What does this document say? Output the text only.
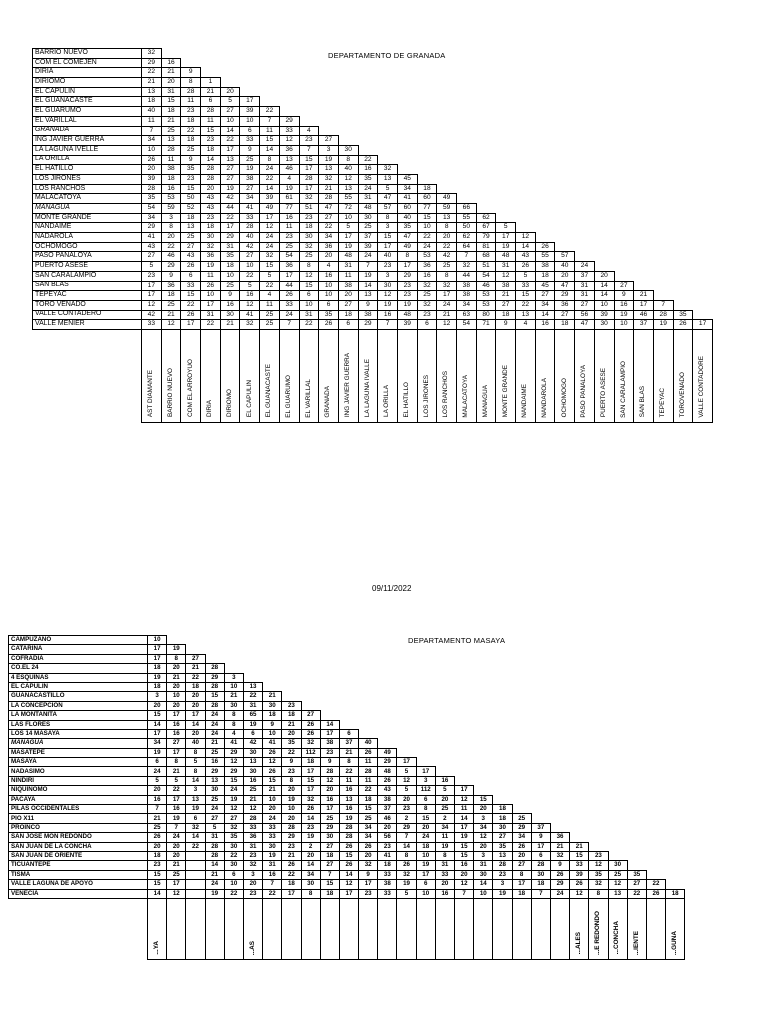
DEPARTAMENTO DE GRANADA
BARRIO NUEVO	32																												
COM EL COMEJEN	29	16																											
DIRIA	22	21	9																										
DIRIOMO	21	20	8	1																									
EL CAPULIN	13	31	28	21	20																								
EL GUANACASTE	18	15	11	6	5	17																							
EL GUARUMO	40	18	23	28	27	39	22																						
EL VARILLAL	11	21	18	11	10	10	7	29																					
GRANADA	7	25	22	15	14	6	11	33	4																				
ING JAVIER GUERRA	34	13	18	23	22	33	15	12	23	27																			
LA LAGUNA IVELLE	10	28	25	18	17	9	14	36	7	3	30																		
LA ORILLA	26	11	9	14	13	25	8	13	15	19	8	22																	
EL HATILLO	20	38	35	28	27	19	24	46	17	13	40	16	32																
LOS JIRONES	39	18	23	28	27	38	22	4	28	32	12	35	13	45															
LOS RANCHOS	28	16	15	20	19	27	14	19	17	21	13	24	5	34	18														
MALACATOYA	35	53	50	43	42	34	39	61	32	28	55	31	47	41	60	49													
MANAGUA	54	59	52	43	44	41	49	77	51	47	72	48	57	60	77	59	66												
MONTE GRANDE	34	3	18	23	22	33	17	16	23	27	10	30	8	40	15	13	55	62											
NANDAIME	29	8	13	18	17	28	12	11	18	22	5	25	3	35	10	8	50	67	5										
NADAROLA	41	20	25	30	29	40	24	23	30	34	17	37	15	47	22	20	62	79	17	12									
OCHOMOGO	43	22	27	32	31	42	24	25	32	36	19	39	17	49	24	22	64	81	19	14	26								
PASO PANALOYA	27	46	43	36	35	27	32	54	25	20	48	24	40	8	53	42	7	68	48	43	55	57							
PUERTO ASESE	5	29	26	19	18	10	15	36	8	4	31	7	23	17	36	25	32	51	31	26	38	40	24						
SAN CARALAMPIO	23	9	6	11	10	22	5	17	12	16	11	19	3	29	16	8	44	54	12	5	18	20	37	20					
SAN BLAS	17	36	33	26	25	5	22	44	15	10	38	14	30	23	32	32	38	46	38	33	45	47	31	14	27				
TEPEYAC	17	18	15	10	9	16	4	26	6	10	20	13	12	23	25	17	38	53	21	15	27	29	31	14	9	21			
TORO VENADO	12	25	22	17	16	12	11	33	10	6	27	9	19	19	32	24	34	53	27	22	34	36	27	10	16	17	7		
VALLE CONTADERO	42	21	26	31	30	41	25	24	31	35	18	38	16	48	23	21	63	80	18	13	14	27	56	39	19	46	28	35	
VALLE MENIER	33	12	17	22	21	32	25	7	22	26	6	29	7	39	6	12	54	71	9	4	16	18	47	30	10	37	19	26	17
	AST DIAMANTE	BARRIO NUEVO	COM EL ARROYUO	DIRIA	DIRIOMO	EL CAPULIN	EL GUANACASTE	EL GUARUMO	EL VARILLAL	GRANADA	ING JAVIER GUERRA	LA LAGUNA IVALLE	LA ORILLA	EL HATILLO	LOS JIRONES	LOS RANCHOS	MALACATOYA	MANAGUA	MONTE GRANDE	NANDAIME	NANDAROLA	OCHOMOGO	PASO PANALOYA	PUERTO ASESE	SAN CARALAMPIO	SAN BLAS	TEPEYAC	TOROVENADO	VALLE CONTADORE
09/11/2022
DEPARTAMENTO MASAYA
CAMPUZANO	10																											
CATARINA	17	19																										
COFRADIA	17	8	27																									
CO.EL 24	18	20	21	28																								
4 ESQUINAS	19	21	22	29	3																							
EL CAPULIN	18	20	18	28	10	13																						
GUANACASTILLO	3	10	20	15	21	22	21																					
LA CONCEPCION	20	20	20	28	30	31	30	23																				
LA MONTAÑITA	15	17	17	24	8	65	18	18	27																			
LAS FLORES	14	16	14	24	8	19	9	21	26	14																		
LOS 14 MASAYA	17	16	20	24	4	6	10	20	26	17	6																	
MANAGUA	34	27	40	21	41	42	41	35	32	38	37	40																
MASATEPE	19	17	8	25	29	30	26	22	112	23	21	26	49															
MASAYA	6	8	5	16	12	13	12	9	18	9	8	11	29	17														
NADASIMO	24	21	8	29	29	30	26	23	17	28	22	28	48	5	17													
NINDIRI	5	5	14	13	15	16	15	8	15	12	11	11	26	12	3	16												
NIQUINOMO	20	22	3	30	24	25	21	20	17	20	16	22	43	5	112	5	17											
PACAYA	16	17	13	25	19	21	10	19	32	16	13	18	38	20	6	20	12	15										
PILAS OCCIDENTALES	7	16	19	24	12	12	20	10	26	17	16	15	37	23	8	25	11	20	18									
PIO X11	21	19	6	27	27	28	24	20	14	25	19	25	46	2	15	2	14	3	18	25								
PROINCO	25	7	32	5	32	33	33	28	23	29	28	34	20	29	20	34	17	34	30	29	37							
SAN JOSE MON REDONDO	26	24	14	31	35	36	33	29	19	30	28	34	56	7	24	11	19	12	27	34	9	36						
SAN JUAN DE LA CONCHA	20	20	22	28	30	31	30	23	2	27	26	26	23	14	18	19	15	20	35	26	17	21	21					
SAN JUAN DE ORIENTE	18	20		28	22	23	19	21	20	18	15	20	41	8	10	8	15	3	13	20	6	32	15	23				
TICUANTEPE	23	21		14	30	32	31	26	14	27	26	32	18	26	19	31	16	31	28	27	28	9	33	12	30			
TISMA	15	25		21	6	3	16	22	34	7	14	9	33	32	17	33	20	30	23	8	30	26	39	35	25	35		
VALLE LAGUNA DE APOYO	15	17		24	10	20	7	18	30	15	12	17	38	19	6	20	12	14	3	17	18	29	26	32	12	27	22	
VENECIA	14	12		19	22	23	22	17	8	18	17	23	33	5	10	16	7	10	19	18	7	24	12	8	13	22	26	18
	...YA					...AS																	...ALES	...E REDONDO	...CONCHA	...IENTE		...GUNA
